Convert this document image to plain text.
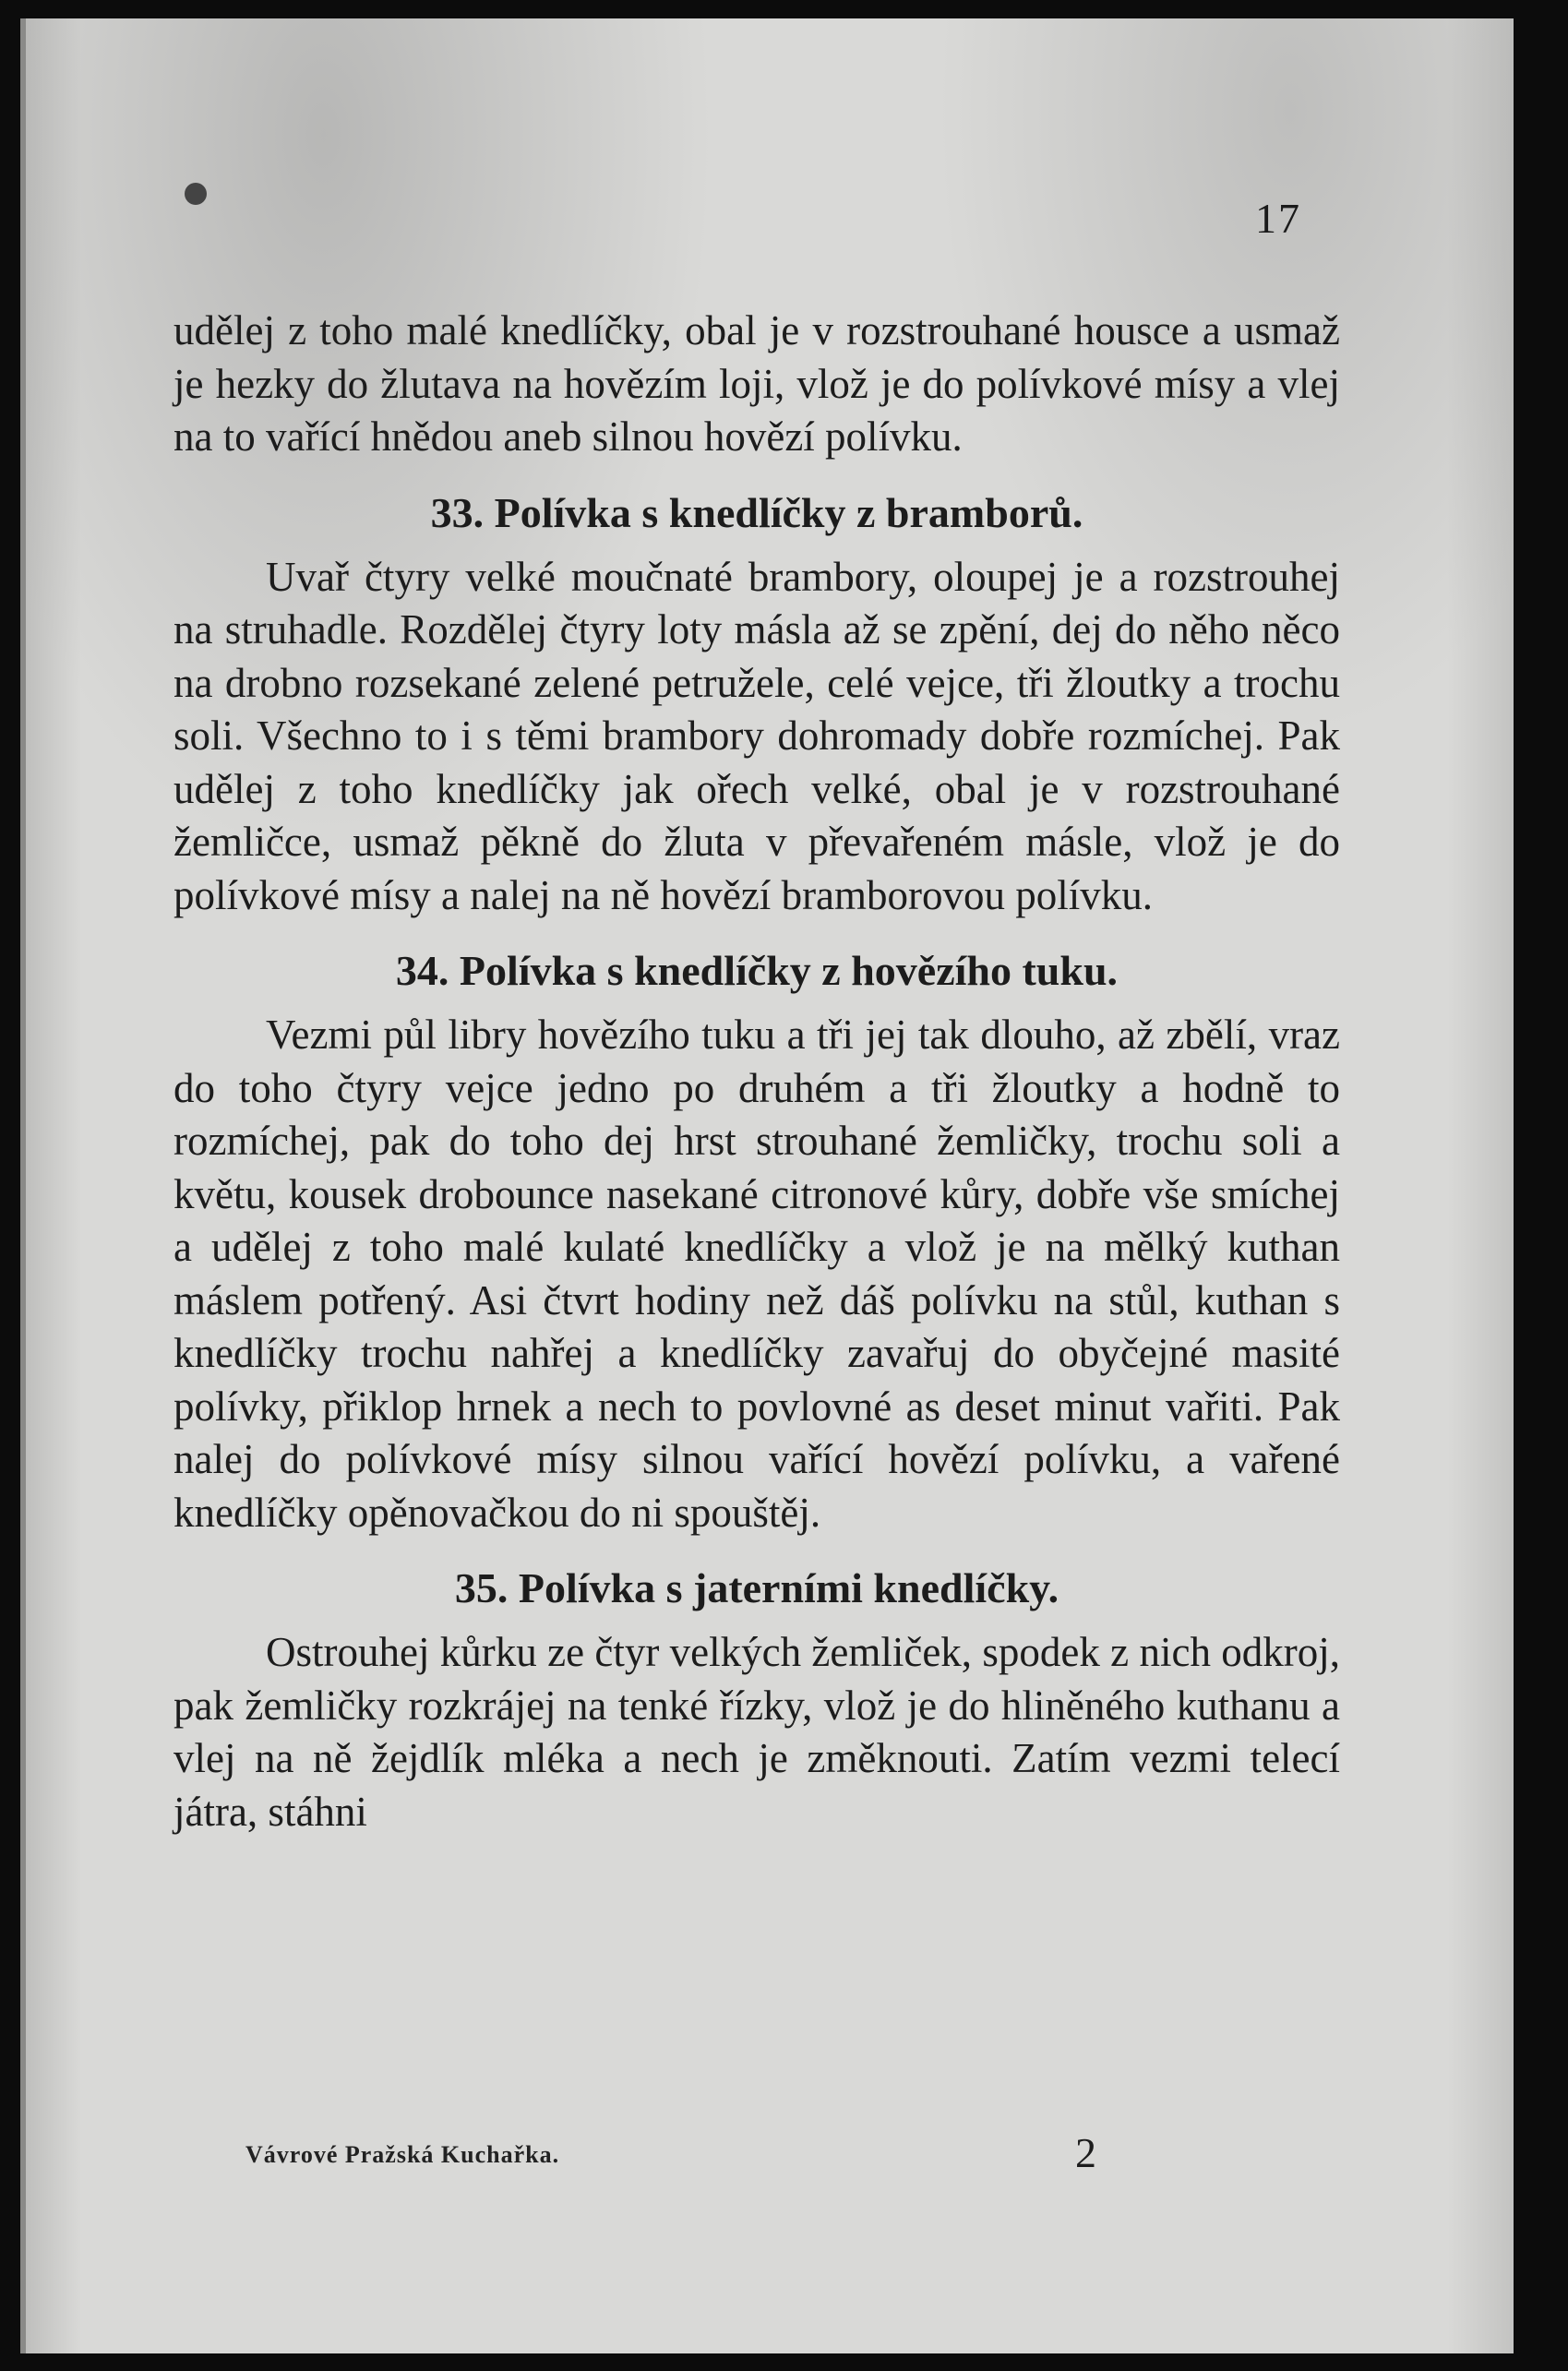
17

udělej z toho malé knedlíčky, obal je v rozstrouhané housce a usmaž je hezky do žlutava na hovězím loji, vlož je do polívkové mísy a vlej na to vařící hnědou aneb silnou hovězí polívku.

33. Polívka s knedlíčky z bramborů.

Uvař čtyry velké moučnaté brambory, oloupej je a rozstrouhej na struhadle. Rozdělej čtyry loty másla až se zpění, dej do něho něco na drobno rozsekané zelené petružele, celé vejce, tři žloutky a trochu soli. Všechno to i s těmi brambory dohromady dobře rozmíchej. Pak udělej z toho knedlíčky jak ořech velké, obal je v rozstrouhané žemličce, usmaž pěkně do žluta v převařeném másle, vlož je do polívkové mísy a nalej na ně hovězí bramborovou polívku.

34. Polívka s knedlíčky z hovězího tuku.

Vezmi půl libry hovězího tuku a tři jej tak dlouho, až zbělí, vraz do toho čtyry vejce jedno po druhém a tři žloutky a hodně to rozmíchej, pak do toho dej hrst strouhané žemličky, trochu soli a květu, kousek drobounce nasekané citronové kůry, dobře vše smíchej a udělej z toho malé kulaté knedlíčky a vlož je na mělký kuthan máslem potřený. Asi čtvrt hodiny než dáš polívku na stůl, kuthan s knedlíčky trochu nahřej a knedlíčky zavařuj do obyčejné masité polívky, přiklop hrnek a nech to povlovné as deset minut vařiti. Pak nalej do polívkové mísy silnou vařící hovězí polívku, a vařené knedlíčky opěnovačkou do ni spouštěj.

35. Polívka s jaterními knedlíčky.

Ostrouhej kůrku ze čtyr velkých žemliček, spodek z nich odkroj, pak žemličky rozkrájej na tenké řízky, vlož je do hliněného kuthanu a vlej na ně žejdlík mléka a nech je změknouti. Zatím vezmi telecí játra, stáhni

Vávrové Pražská Kuchařka.	2
